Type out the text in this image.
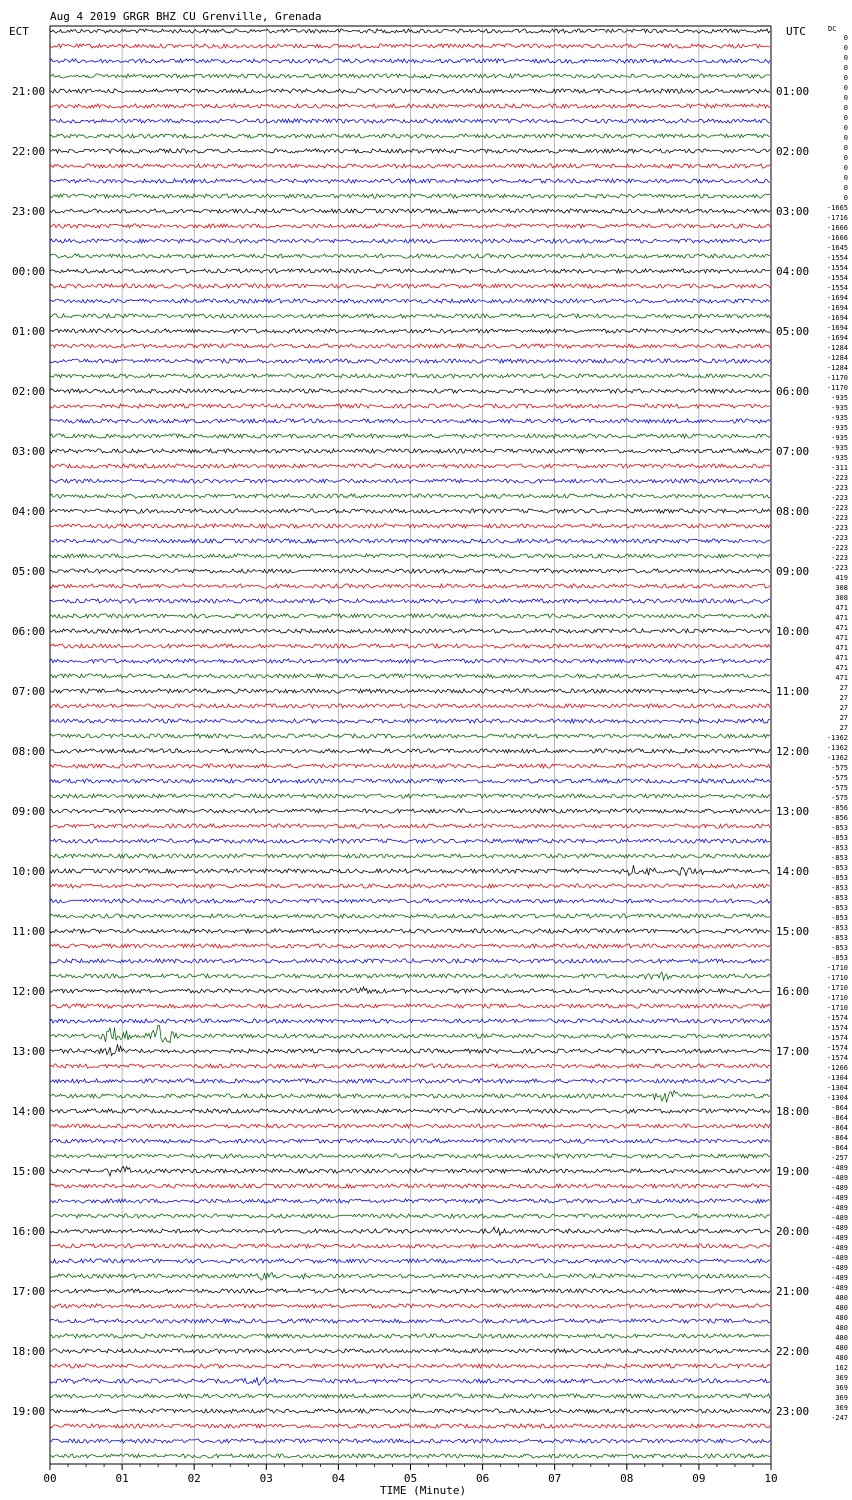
Aug 4 2019 GRGR BHZ CU Grenville, Grenada
ECT	UTC	DC
21:00
22:00
23:00
00:00
01:00
02:00
03:00
04:00
05:00
06:00
07:00
08:00
09:00
10:00
11:00
12:00
13:00
14:00
15:00
16:00
17:00
18:00
19:00
01:00
02:00
03:00
04:00
05:00
06:00
07:00
08:00
09:00
10:00
11:00
12:00
13:00
14:00
15:00
16:00
17:00
18:00
19:00
20:00
21:00
22:00
23:00
0
0
0
0
0
0
0
0
0
0
0
0
0
0
0
0
0
-1665
-1716
-1666
-1666
-1645
-1554
-1554
-1554
-1554
-1694
-1694
-1694
-1694
-1694
-1284
-1284
-1284
-1170
-1170
-935
-935
-935
-935
-935
-935
-935
-311
-223
-223
-223
-223
-223
-223
-223
-223
-223
-223
419
308
308
471
471
471
471
471
471
471
471
27
27
27
27
27
-1362
-1362
-1362
-575
-575
-575
-575
-856
-856
-853
-853
-853
-853
-853
-853
-853
-853
-853
-853
-853
-853
-853
-853
-1710
-1710
-1710
-1710
-1710
-1574
-1574
-1574
-1574
-1574
-1266
-1304
-1304
-1304
-864
-864
-864
-864
-864
-257
-489
-489
-489
-489
-489
-489
-489
-489
-489
-489
-489
-489
-489
480
480
480
480
480
480
480
162
369
369
369
369
-247
00	01	02	03	04	05	06	07	08	09	10
TIME (Minute)
